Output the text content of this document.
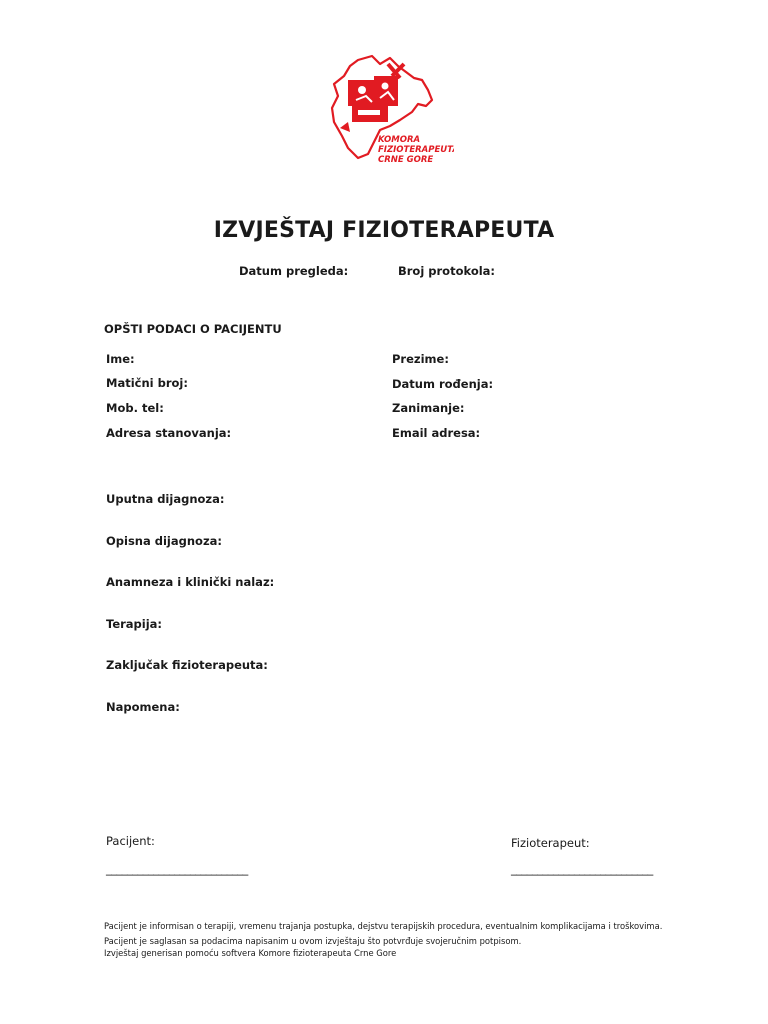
KOMORA
FIZIOTERAPEUTA
CRNE GORE
IZVJEŠTAJ FIZIOTERAPEUTA
Datum pregleda:	Broj protokola:
OPŠTI PODACI O PACIJENTU
Ime:
Matični broj:
Mob. tel:
Adresa stanovanja:
Prezime:
Datum rođenja:
Zanimanje:
Email adresa:
Uputna dijagnoza:
Opisna dijagnoza:
Anamneza i klinički nalaz:
Terapija:
Zaključak fizioterapeuta:
Napomena:
Pacijent:
___________________________
Fizioterapeut:
___________________________
Pacijent je informisan o terapiji, vremenu trajanja postupka, dejstvu terapijskih procedura, eventualnim komplikacijama i troškovima.
Pacijent je saglasan sa podacima napisanim u ovom izvještaju što potvrđuje svojeručnim potpisom.
Izvještaj generisan pomoću softvera Komore fizioterapeuta Crne Gore
